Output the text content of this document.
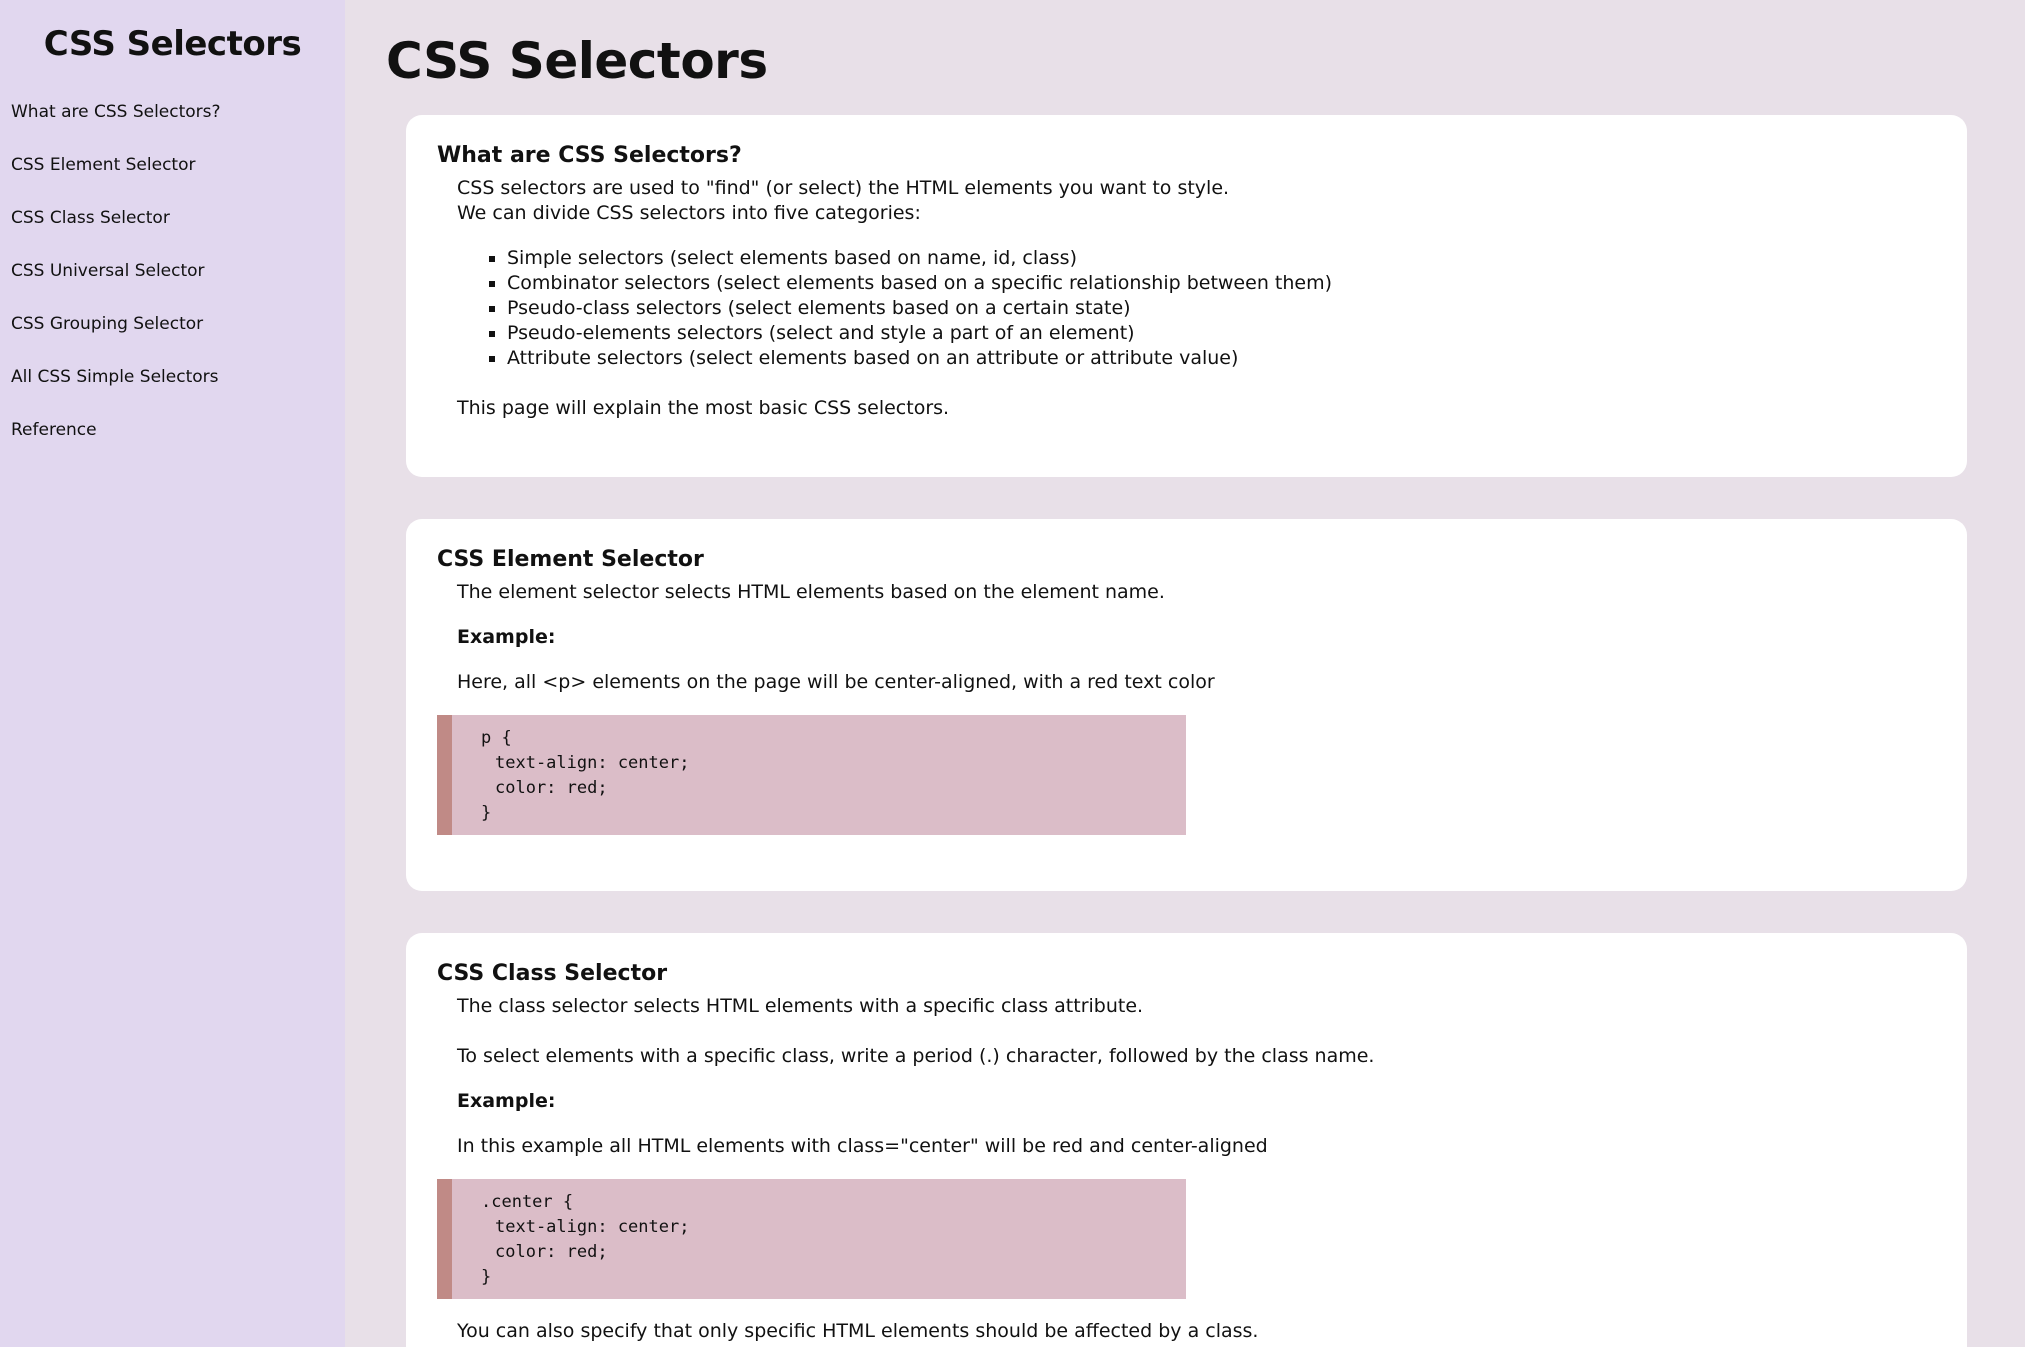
CSS Selectors
What are CSS Selectors?
CSS Element Selector
CSS Class Selector
CSS Universal Selector
CSS Grouping Selector
All CSS Simple Selectors
Reference
CSS Selectors
What are CSS Selectors?

CSS selectors are used to "find" (or select) the HTML elements you want to style.

We can divide CSS selectors into five categories:

▪ Simple selectors (select elements based on name, id, class)
▪ Combinator selectors (select elements based on a specific relationship between them)
▪ Pseudo-class selectors (select elements based on a certain state)
▪ Pseudo-elements selectors (select and style a part of an element)
▪ Attribute selectors (select elements based on an attribute or attribute value)

This page will explain the most basic CSS selectors.

CSS Element Selector

The element selector selects HTML elements based on the element name.

Example:

Here, all <p> elements on the page will be center-aligned, with a red text color

p {
text-align: center;
color: red;
}
CSS Class Selector

The class selector selects HTML elements with a specific class attribute.

To select elements with a specific class, write a period (.) character, followed by the class name.

Example:

In this example all HTML elements with class="center" will be red and center-aligned

.center {
text-align: center;
color: red;
}

You can also specify that only specific HTML elements should be affected by a class.
